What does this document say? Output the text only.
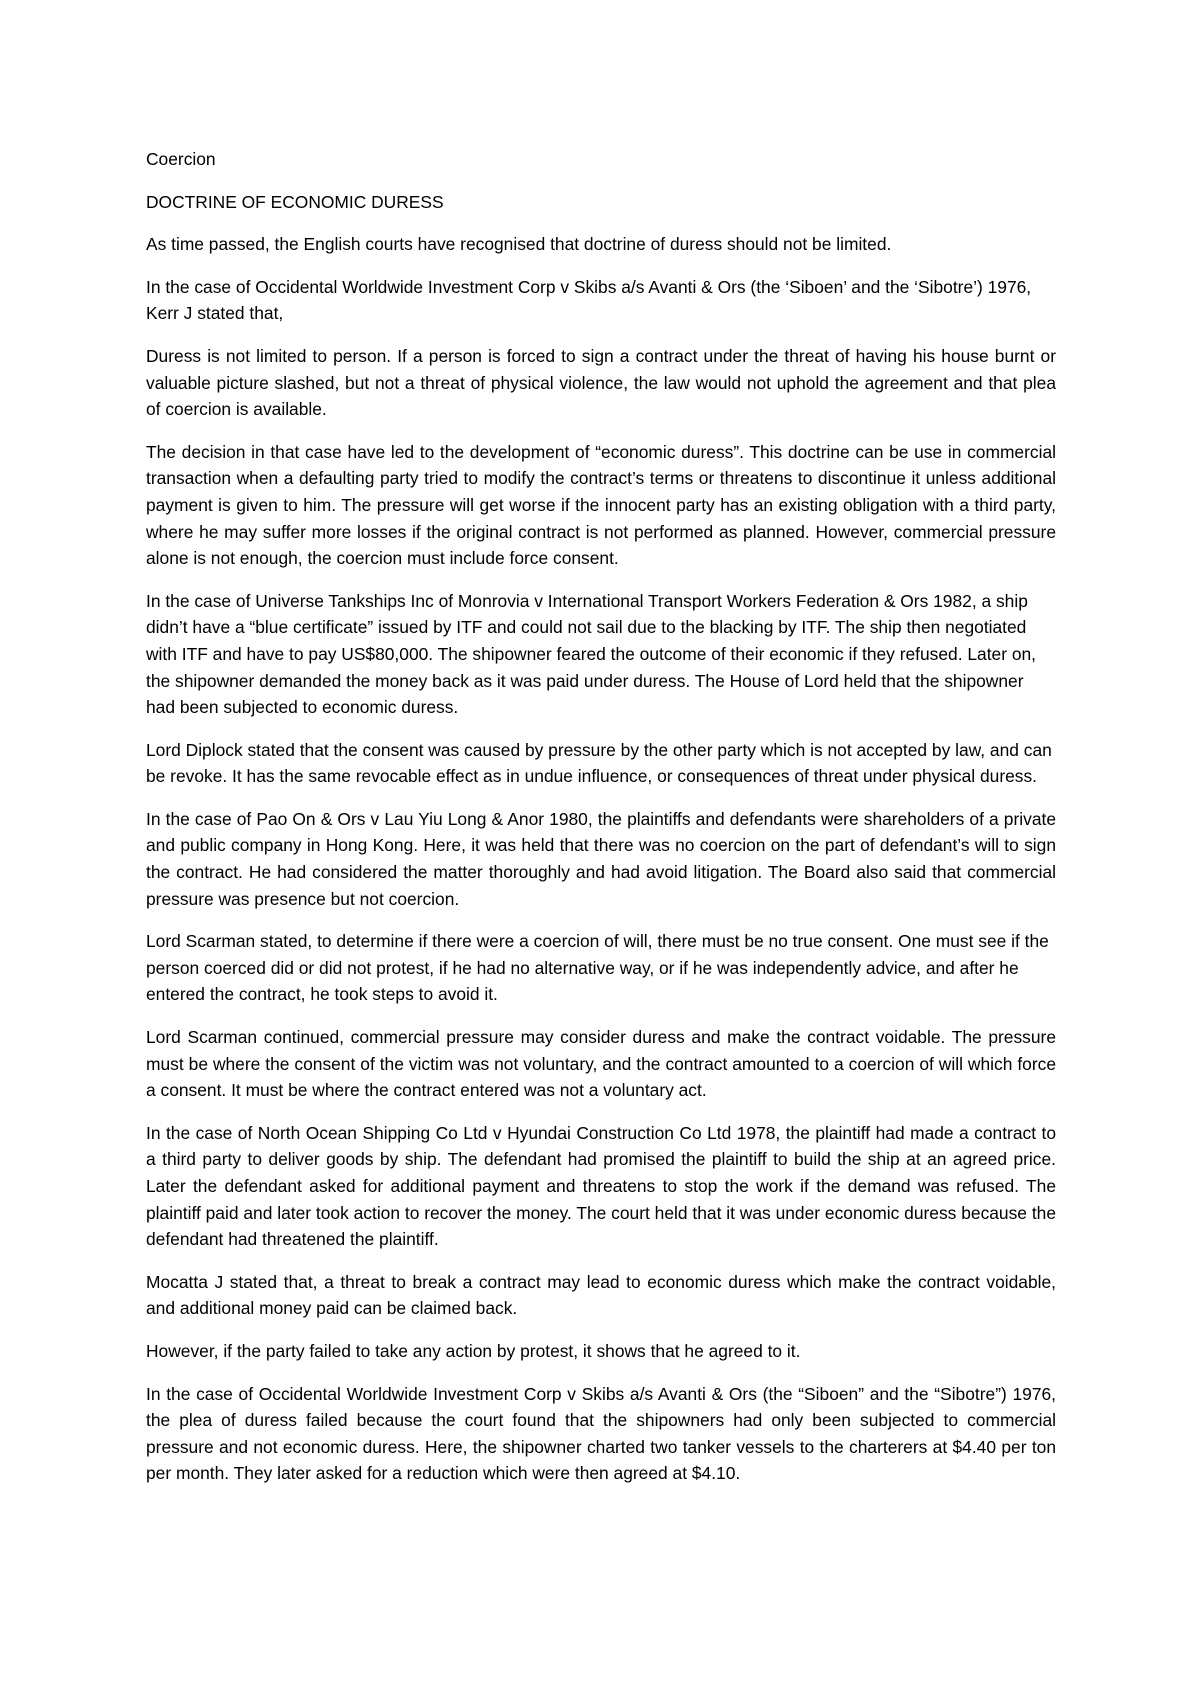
Coercion

DOCTRINE OF ECONOMIC DURESS

As time passed, the English courts have recognised that doctrine of duress should not be limited.

In the case of Occidental Worldwide Investment Corp v Skibs a/s Avanti & Ors (the ‘Siboen’ and the ‘Sibotre’) 1976, Kerr J stated that,

Duress is not limited to person. If a person is forced to sign a contract under the threat of having his house burnt or valuable picture slashed, but not a threat of physical violence, the law would not uphold the agreement and that plea of coercion is available.

The decision in that case have led to the development of “economic duress”. This doctrine can be use in commercial transaction when a defaulting party tried to modify the contract’s terms or threatens to discontinue it unless additional payment is given to him. The pressure will get worse if the innocent party has an existing obligation with a third party, where he may suffer more losses if the original contract is not performed as planned. However, commercial pressure alone is not enough, the coercion must include force consent.

In the case of Universe Tankships Inc of Monrovia v International Transport Workers Federation & Ors 1982, a ship didn’t have a “blue certificate” issued by ITF and could not sail due to the blacking by ITF. The ship then negotiated with ITF and have to pay US$80,000. The shipowner feared the outcome of their economic if they refused. Later on, the shipowner demanded the money back as it was paid under duress. The House of Lord held that the shipowner had been subjected to economic duress.

Lord Diplock stated that the consent was caused by pressure by the other party which is not accepted by law, and can be revoke. It has the same revocable effect as in undue influence, or consequences of threat under physical duress.

In the case of Pao On & Ors v Lau Yiu Long & Anor 1980, the plaintiffs and defendants were shareholders of a private and public company in Hong Kong. Here, it was held that there was no coercion on the part of defendant’s will to sign the contract. He had considered the matter thoroughly and had avoid litigation. The Board also said that commercial pressure was presence but not coercion.

Lord Scarman stated, to determine if there were a coercion of will, there must be no true consent. One must see if the person coerced did or did not protest, if he had no alternative way, or if he was independently advice, and after he entered the contract, he took steps to avoid it.

Lord Scarman continued, commercial pressure may consider duress and make the contract voidable. The pressure must be where the consent of the victim was not voluntary, and the contract amounted to a coercion of will which force a consent. It must be where the contract entered was not a voluntary act.

In the case of North Ocean Shipping Co Ltd v Hyundai Construction Co Ltd 1978, the plaintiff had made a contract to a third party to deliver goods by ship. The defendant had promised the plaintiff to build the ship at an agreed price. Later the defendant asked for additional payment and threatens to stop the work if the demand was refused. The plaintiff paid and later took action to recover the money. The court held that it was under economic duress because the defendant had threatened the plaintiff.

Mocatta J stated that, a threat to break a contract may lead to economic duress which make the contract voidable, and additional money paid can be claimed back.

However, if the party failed to take any action by protest, it shows that he agreed to it.

In the case of Occidental Worldwide Investment Corp v Skibs a/s Avanti & Ors (the “Siboen” and the “Sibotre”) 1976, the plea of duress failed because the court found that the shipowners had only been subjected to commercial pressure and not economic duress. Here, the shipowner charted two tanker vessels to the charterers at $4.40 per ton per month. They later asked for a reduction which were then agreed at $4.10.
